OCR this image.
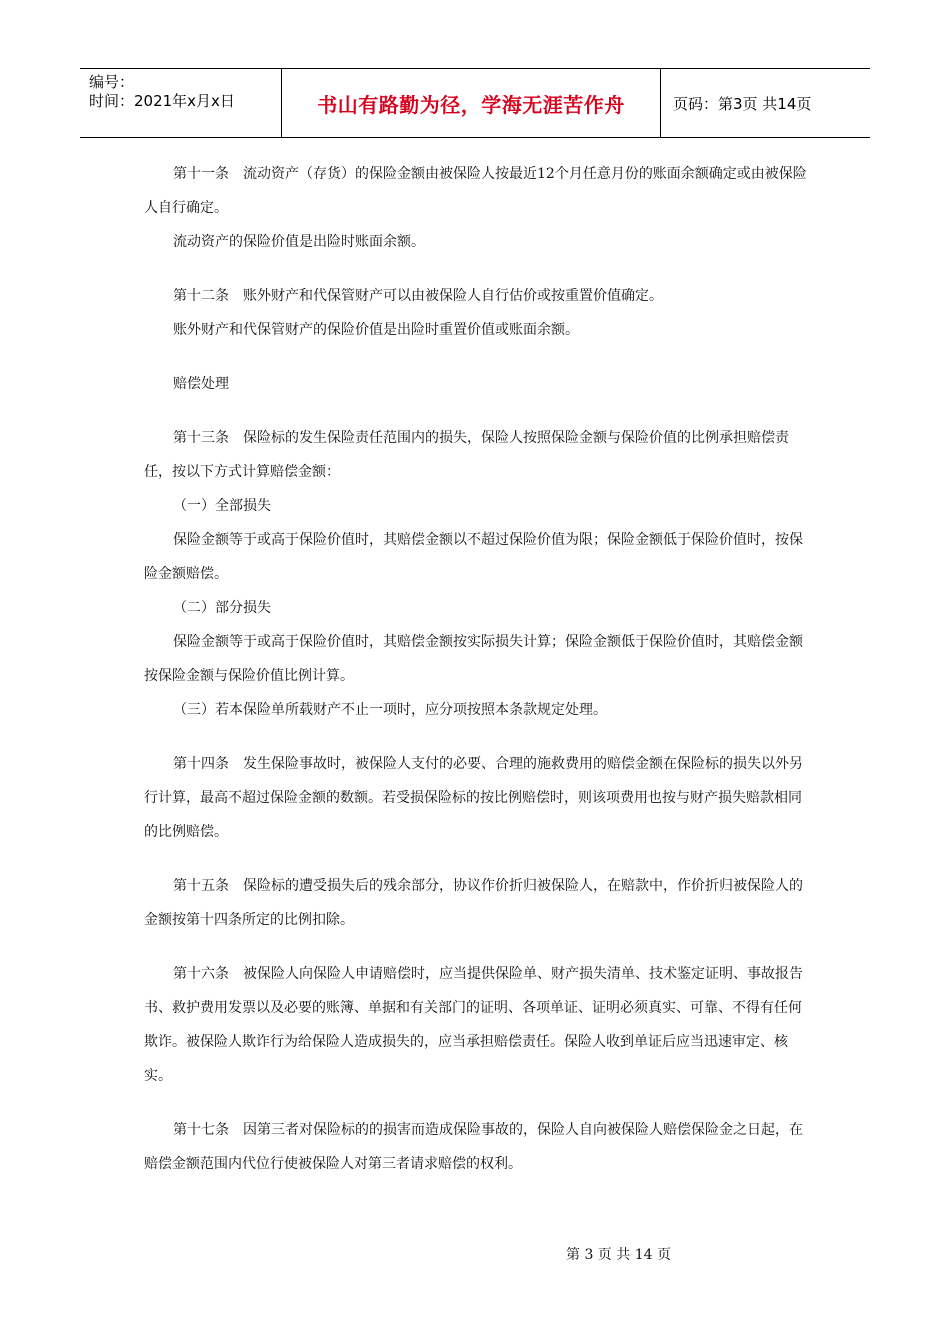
编号：
时间：2021年x月x日	书山有路勤为径，学海无涯苦作舟	页码：第3页 共14页

第十一条　流动资产（存货）的保险金额由被保险人按最近12个月任意月份的账面余额确定或由被保险人自行确定。

流动资产的保险价值是出险时账面余额。

第十二条　账外财产和代保管财产可以由被保险人自行估价或按重置价值确定。

账外财产和代保管财产的保险价值是出险时重置价值或账面余额。

赔偿处理

第十三条　保险标的发生保险责任范围内的损失，保险人按照保险金额与保险价值的比例承担赔偿责任，按以下方式计算赔偿金额：

（一）全部损失

保险金额等于或高于保险价值时，其赔偿金额以不超过保险价值为限；保险金额低于保险价值时，按保险金额赔偿。

（二）部分损失

保险金额等于或高于保险价值时，其赔偿金额按实际损失计算；保险金额低于保险价值时，其赔偿金额按保险金额与保险价值比例计算。

（三）若本保险单所载财产不止一项时，应分项按照本条款规定处理。

第十四条　发生保险事故时，被保险人支付的必要、合理的施救费用的赔偿金额在保险标的损失以外另行计算，最高不超过保险金额的数额。若受损保险标的按比例赔偿时，则该项费用也按与财产损失赔款相同的比例赔偿。

第十五条　保险标的遭受损失后的残余部分，协议作价折归被保险人，在赔款中，作价折归被保险人的金额按第十四条所定的比例扣除。

第十六条　被保险人向保险人申请赔偿时，应当提供保险单、财产损失清单、技术鉴定证明、事故报告书、救护费用发票以及必要的账簿、单据和有关部门的证明、各项单证、证明必须真实、可靠、不得有任何欺诈。被保险人欺诈行为给保险人造成损失的，应当承担赔偿责任。保险人收到单证后应当迅速审定、核实。

第十七条　因第三者对保险标的的损害而造成保险事故的，保险人自向被保险人赔偿保险金之日起，在赔偿金额范围内代位行使被保险人对第三者请求赔偿的权利。

第 3 页 共 14 页
